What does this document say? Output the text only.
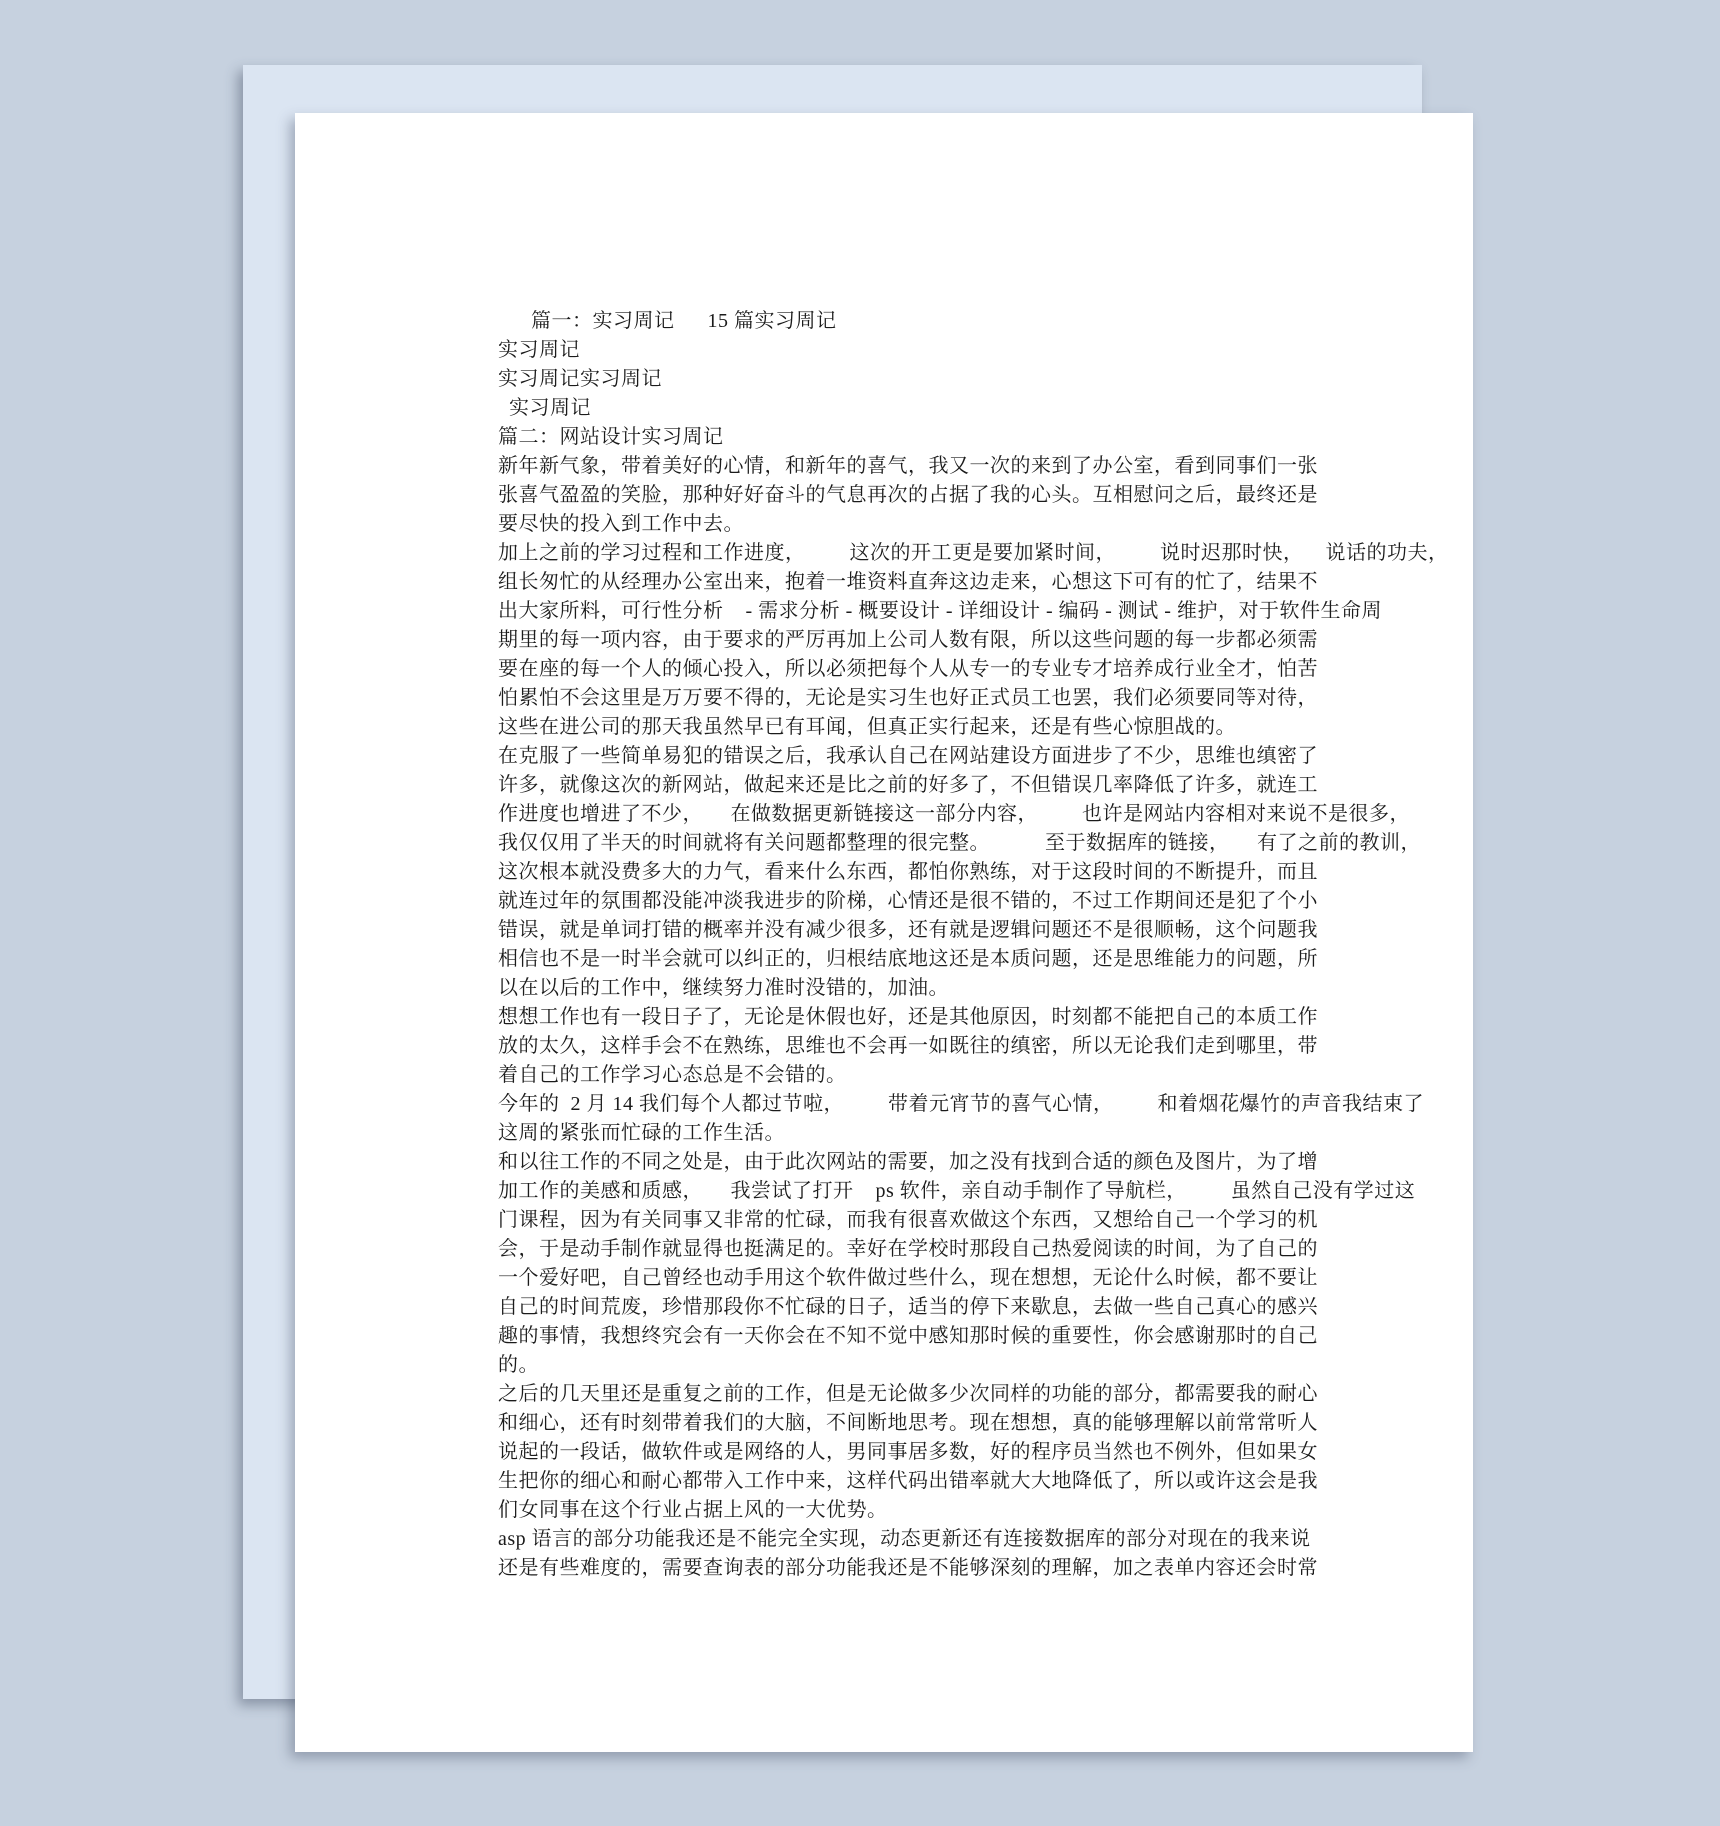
篇一：实习周记      15 篇实习周记
实习周记
实习周记实习周记
实习周记
篇二：网站设计实习周记
新年新气象，带着美好的心情，和新年的喜气，我又一次的来到了办公室，看到同事们一张
张喜气盈盈的笑脸，那种好好奋斗的气息再次的占据了我的心头。互相慰问之后，最终还是
要尽快的投入到工作中去。
加上之前的学习过程和工作进度，        这次的开工更是要加紧时间，        说时迟那时快，    说话的功夫，
组长匆忙的从经理办公室出来，抱着一堆资料直奔这边走来，心想这下可有的忙了，结果不
出大家所料，可行性分析    - 需求分析 - 概要设计 - 详细设计 - 编码 - 测试 - 维护，对于软件生命周
期里的每一项内容，由于要求的严厉再加上公司人数有限，所以这些问题的每一步都必须需
要在座的每一个人的倾心投入，所以必须把每个人从专一的专业专才培养成行业全才，怕苦
怕累怕不会这里是万万要不得的，无论是实习生也好正式员工也罢，我们必须要同等对待，
这些在进公司的那天我虽然早已有耳闻，但真正实行起来，还是有些心惊胆战的。
在克服了一些简单易犯的错误之后，我承认自己在网站建设方面进步了不少，思维也缜密了
许多，就像这次的新网站，做起来还是比之前的好多了，不但错误几率降低了许多，就连工
作进度也增进了不少，     在做数据更新链接这一部分内容，        也许是网站内容相对来说不是很多，
我仅仅用了半天的时间就将有关问题都整理的很完整。          至于数据库的链接，     有了之前的教训，
这次根本就没费多大的力气，看来什么东西，都怕你熟练，对于这段时间的不断提升，而且
就连过年的氛围都没能冲淡我进步的阶梯，心情还是很不错的，不过工作期间还是犯了个小
错误，就是单词打错的概率并没有减少很多，还有就是逻辑问题还不是很顺畅，这个问题我
相信也不是一时半会就可以纠正的，归根结底地这还是本质问题，还是思维能力的问题，所
以在以后的工作中，继续努力准时没错的，加油。
想想工作也有一段日子了，无论是休假也好，还是其他原因，时刻都不能把自己的本质工作
放的太久，这样手会不在熟练，思维也不会再一如既往的缜密，所以无论我们走到哪里，带
着自己的工作学习心态总是不会错的。
今年的  2 月 14 我们每个人都过节啦，        带着元宵节的喜气心情，        和着烟花爆竹的声音我结束了
这周的紧张而忙碌的工作生活。
和以往工作的不同之处是，由于此次网站的需要，加之没有找到合适的颜色及图片，为了增
加工作的美感和质感，     我尝试了打开    ps 软件，亲自动手制作了导航栏，        虽然自己没有学过这
门课程，因为有关同事又非常的忙碌，而我有很喜欢做这个东西，又想给自己一个学习的机
会，于是动手制作就显得也挺满足的。幸好在学校时那段自己热爱阅读的时间，为了自己的
一个爱好吧，自己曾经也动手用这个软件做过些什么，现在想想，无论什么时候，都不要让
自己的时间荒废，珍惜那段你不忙碌的日子，适当的停下来歇息，去做一些自己真心的感兴
趣的事情，我想终究会有一天你会在不知不觉中感知那时候的重要性，你会感谢那时的自己
的。
之后的几天里还是重复之前的工作，但是无论做多少次同样的功能的部分，都需要我的耐心
和细心，还有时刻带着我们的大脑，不间断地思考。现在想想，真的能够理解以前常常听人
说起的一段话，做软件或是网络的人，男同事居多数，好的程序员当然也不例外，但如果女
生把你的细心和耐心都带入工作中来，这样代码出错率就大大地降低了，所以或许这会是我
们女同事在这个行业占据上风的一大优势。
asp 语言的部分功能我还是不能完全实现，动态更新还有连接数据库的部分对现在的我来说
还是有些难度的，需要查询表的部分功能我还是不能够深刻的理解，加之表单内容还会时常
